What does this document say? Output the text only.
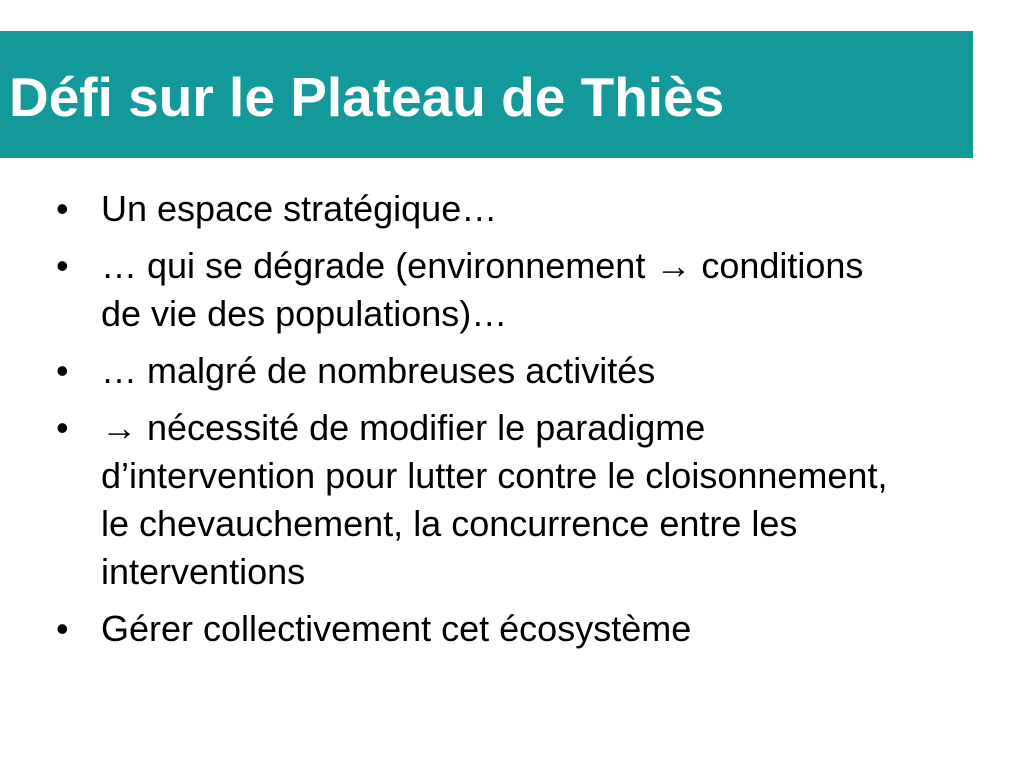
Défi sur le Plateau de Thiès
• Un espace stratégique…
• … qui se dégrade (environnement → conditions de vie des populations)…
• … malgré de nombreuses activités
• → nécessité de modifier le paradigme d’intervention pour lutter contre le cloisonnement, le chevauchement, la concurrence entre les interventions
• Gérer collectivement cet écosystème
